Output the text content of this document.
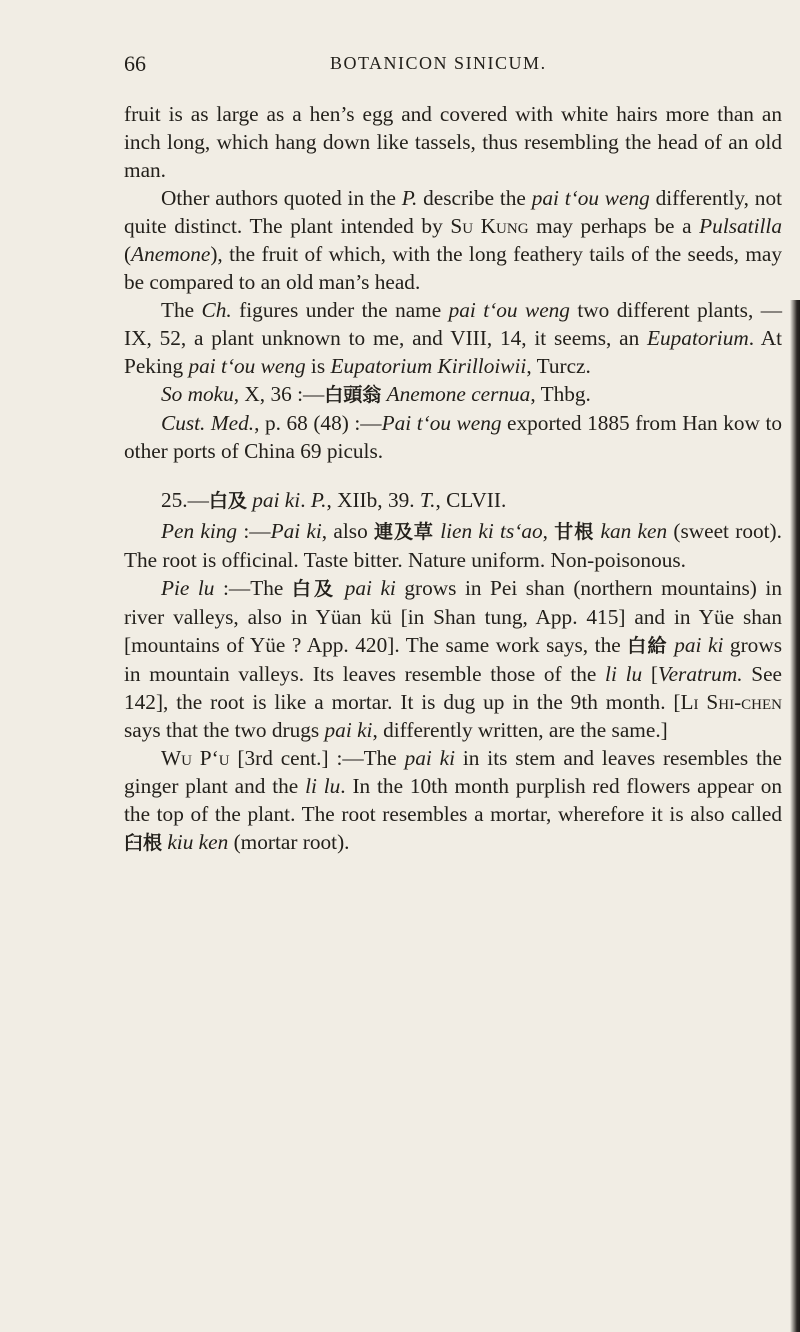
66	BOTANICON SINICUM.

fruit is as large as a hen’s egg and covered with white hairs more than an inch long, which hang down like tassels, thus resembling the head of an old man.

Other authors quoted in the P. describe the pai t‘ou weng differently, not quite distinct. The plant intended by Su Kung may perhaps be a Pulsatilla (Anemone), the fruit of which, with the long feathery tails of the seeds, may be compared to an old man’s head.

The Ch. figures under the name pai t‘ou weng two different plants, — IX, 52, a plant unknown to me, and VIII, 14, it seems, an Eupatorium. At Peking pai t‘ou weng is Eupatorium Kirilloiwii, Turcz.

So moku, X, 36 :—白頭翁 Anemone cernua, Thbg.

Cust. Med., p. 68 (48) :—Pai t‘ou weng exported 1885 from Han kow to other ports of China 69 piculs.

25.—白及 pai ki. P., XIIb, 39. T., CLVII.

Pen king :—Pai ki, also 連及草 lien ki ts‘ao, 甘根 kan ken (sweet root). The root is officinal. Taste bitter. Nature uniform. Non-poisonous.

Pie lu :—The 白及 pai ki grows in Pei shan (northern mountains) in river valleys, also in Yüan kü [in Shan tung, App. 415] and in Yüe shan [mountains of Yüe ? App. 420]. The same work says, the 白給 pai ki grows in mountain valleys. Its leaves resemble those of the li lu [Veratrum. See 142], the root is like a mortar. It is dug up in the 9th month. [Li Shi-chen says that the two drugs pai ki, differently written, are the same.]

Wu P‘u [3rd cent.] :—The pai ki in its stem and leaves resembles the ginger plant and the li lu. In the 10th month purplish red flowers appear on the top of the plant. The root resembles a mortar, wherefore it is also called 臼根 kiu ken (mortar root).
